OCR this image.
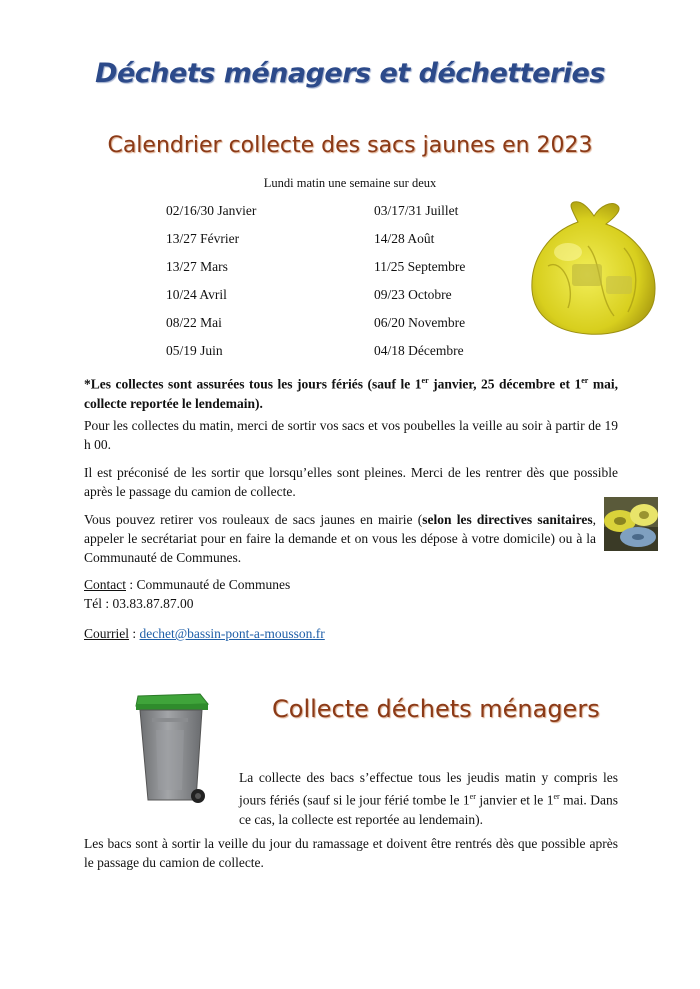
Déchets ménagers et déchetteries
Calendrier collecte des sacs jaunes en 2023
Lundi matin une semaine sur deux
02/16/30 Janvier
13/27 Février
13/27 Mars
10/24 Avril
08/22 Mai
05/19 Juin
03/17/31 Juillet
14/28 Août
11/25 Septembre
09/23 Octobre
06/20 Novembre
04/18 Décembre
*Les collectes sont assurées tous les jours fériés (sauf le 1er janvier, 25 décembre et 1er mai, collecte reportée le lendemain).
Pour les collectes du matin, merci de sortir vos sacs et vos poubelles la veille au soir à partir de 19 h 00.
Il est préconisé de les sortir que lorsqu’elles sont pleines. Merci de les rentrer dès que possible après le passage du camion de collecte.
Vous pouvez retirer vos rouleaux de sacs jaunes en mairie (selon les directives sanitaires, appeler le secrétariat pour en faire la demande et on vous les dépose à votre domicile) ou à la Communauté de Communes.
Contact : Communauté de Communes
Tél : 03.83.87.87.00
Courriel : dechet@bassin-pont-a-mousson.fr
Collecte déchets ménagers
La collecte des bacs s’effectue tous les jeudis matin y compris les jours fériés (sauf si le jour férié tombe le 1er janvier et le 1er mai. Dans ce cas, la collecte est reportée au lendemain).
Les bacs sont à sortir la veille du jour du ramassage et doivent être rentrés dès que possible après le passage du camion de collecte.
